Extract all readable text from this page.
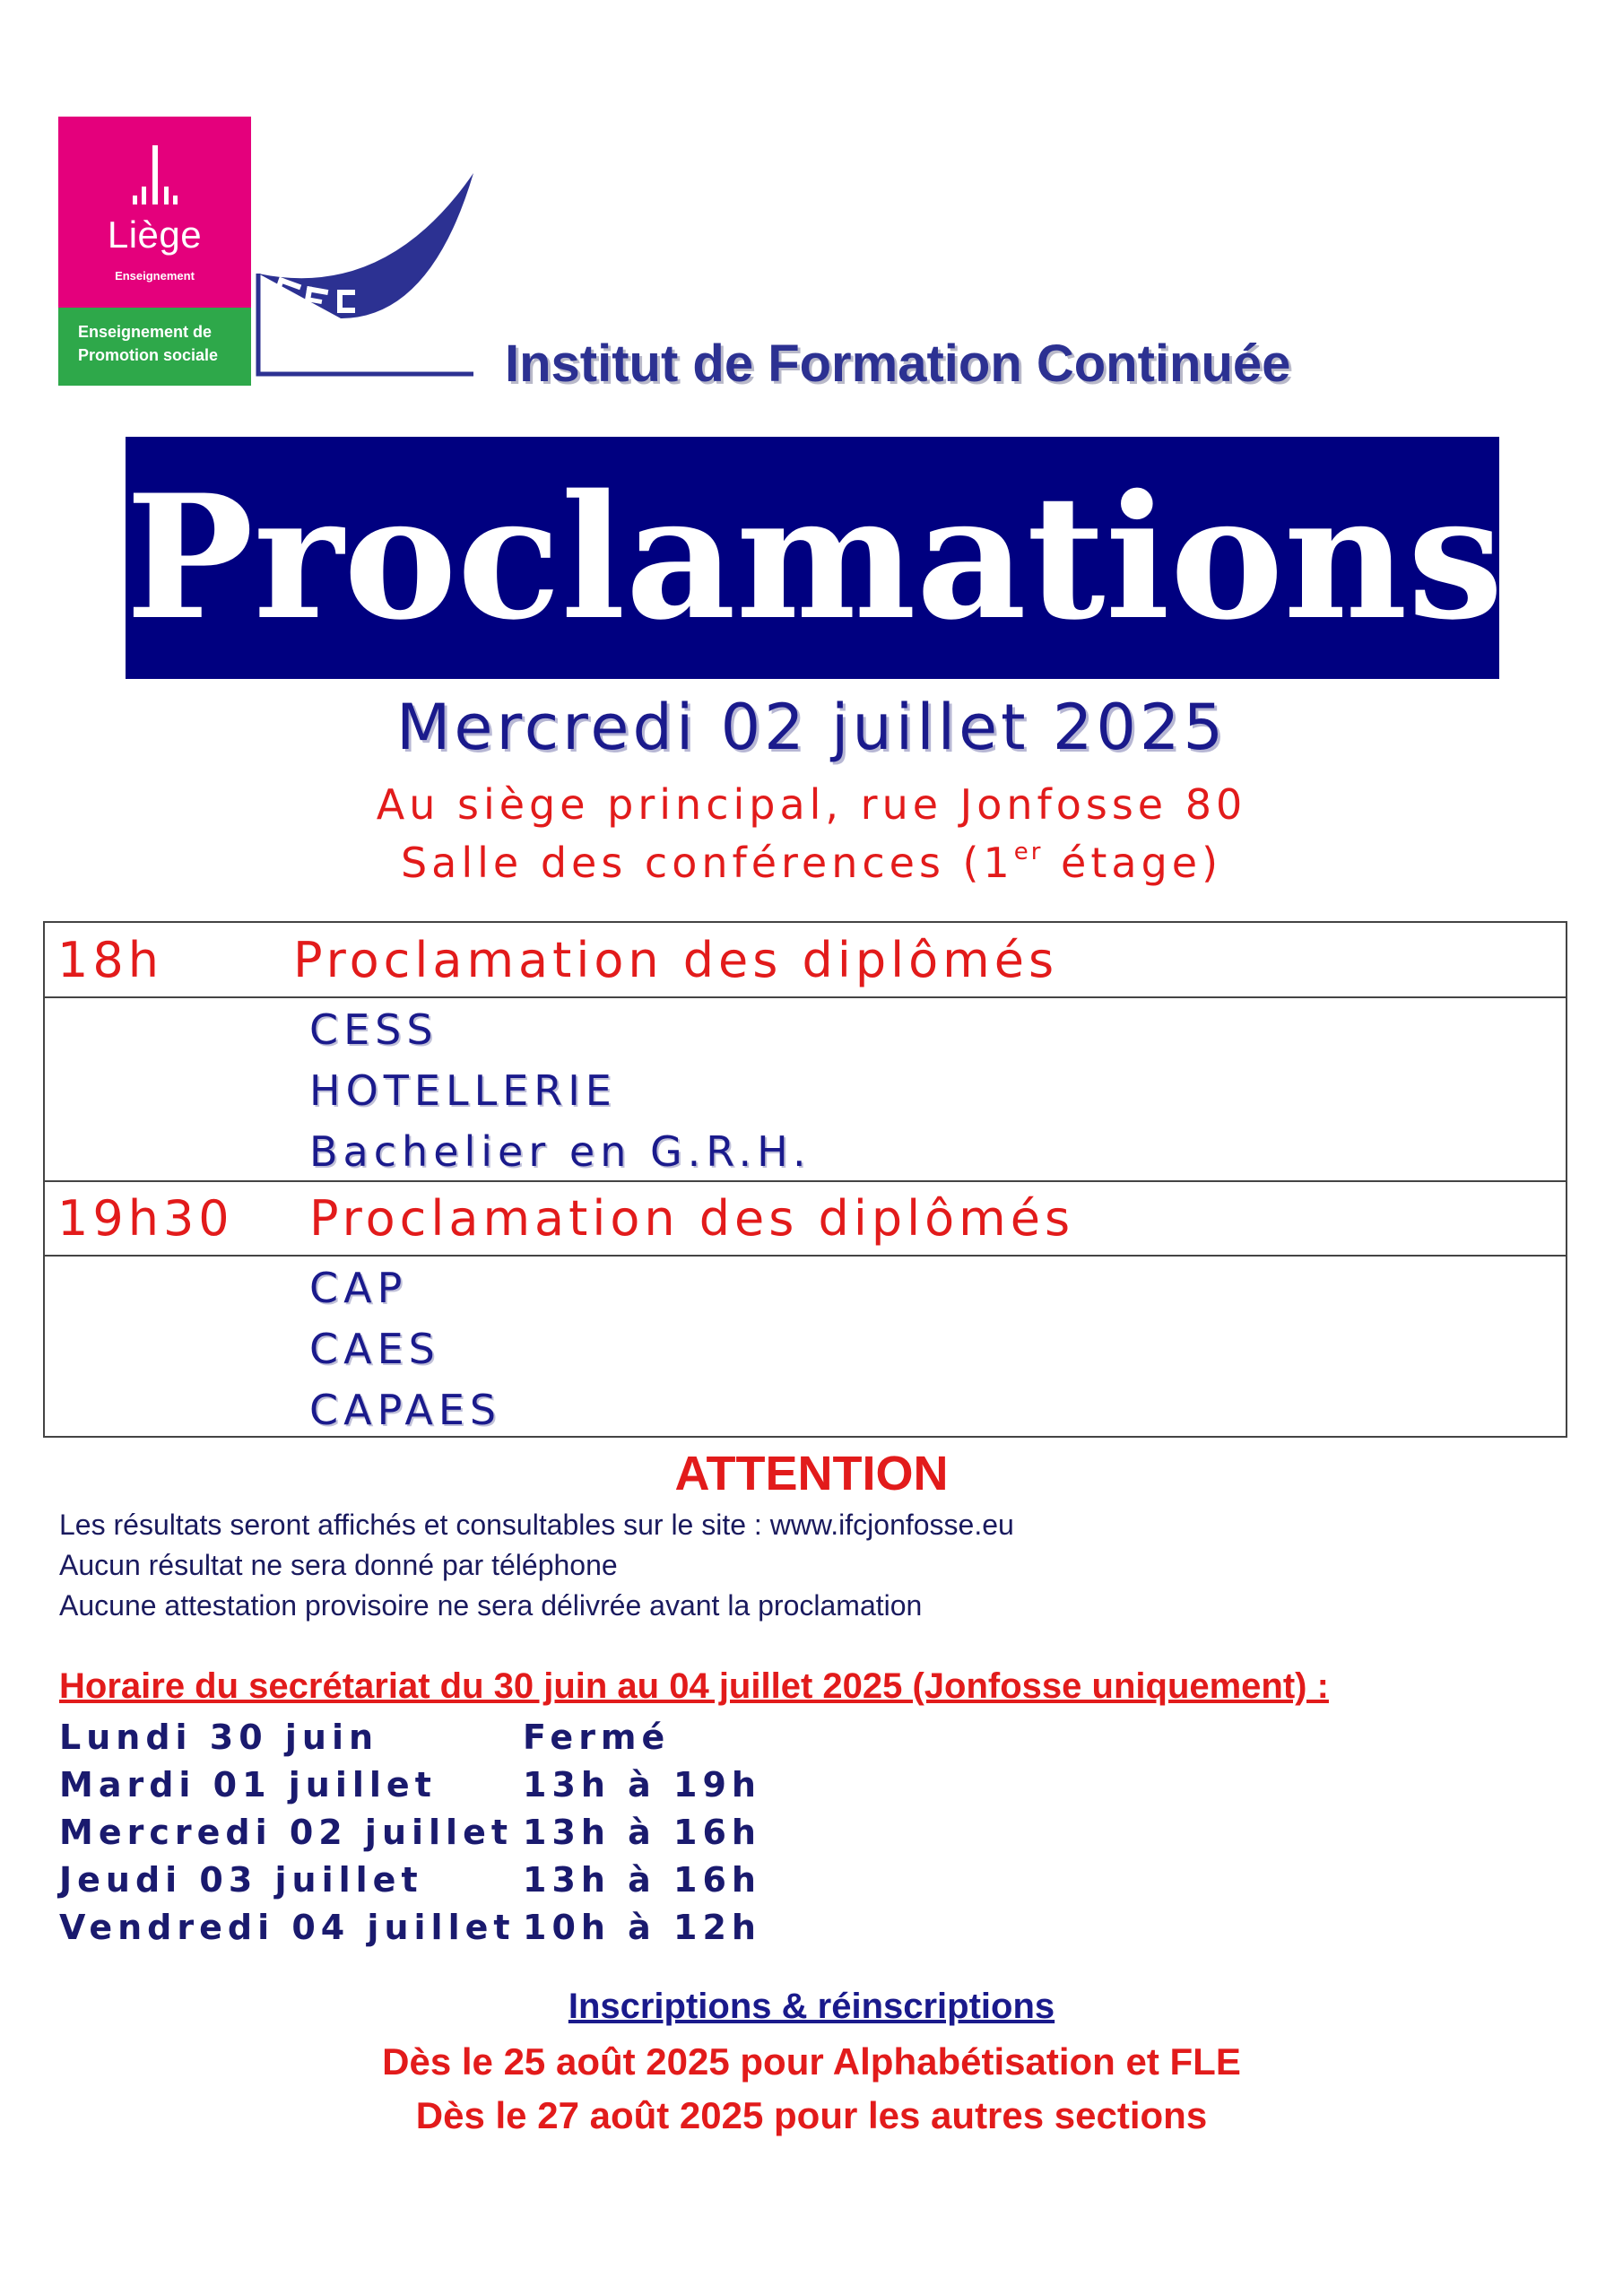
Liège
Enseignement
Enseignement de
Promotion sociale	Institut de Formation Continuée
Proclamations
Mercredi 02 juillet 2025
Au siège principal, rue Jonfosse 80
Salle des conférences (1er étage)
18h	Proclamation des diplômés
CESS
HOTELLERIE
Bachelier en G.R.H.
19h30 Proclamation des diplômés
CAP
CAES
CAPAES
ATTENTION
Les résultats seront affichés et consultables sur le site : www.ifcjonfosse.eu
Aucun résultat ne sera donné par téléphone
Aucune attestation provisoire ne sera délivrée avant la proclamation
Horaire du secrétariat du 30 juin au 04 juillet 2025 (Jonfosse uniquement) :
Lundi 30 juin	Fermé
Mardi 01 juillet	13h à 19h
Mercredi 02 juillet 13h à 16h
Jeudi 03 juillet	13h à 16h
Vendredi 04 juillet 10h à 12h
Inscriptions & réinscriptions
Dès le 25 août 2025 pour Alphabétisation et FLE
Dès le 27 août 2025 pour les autres sections
